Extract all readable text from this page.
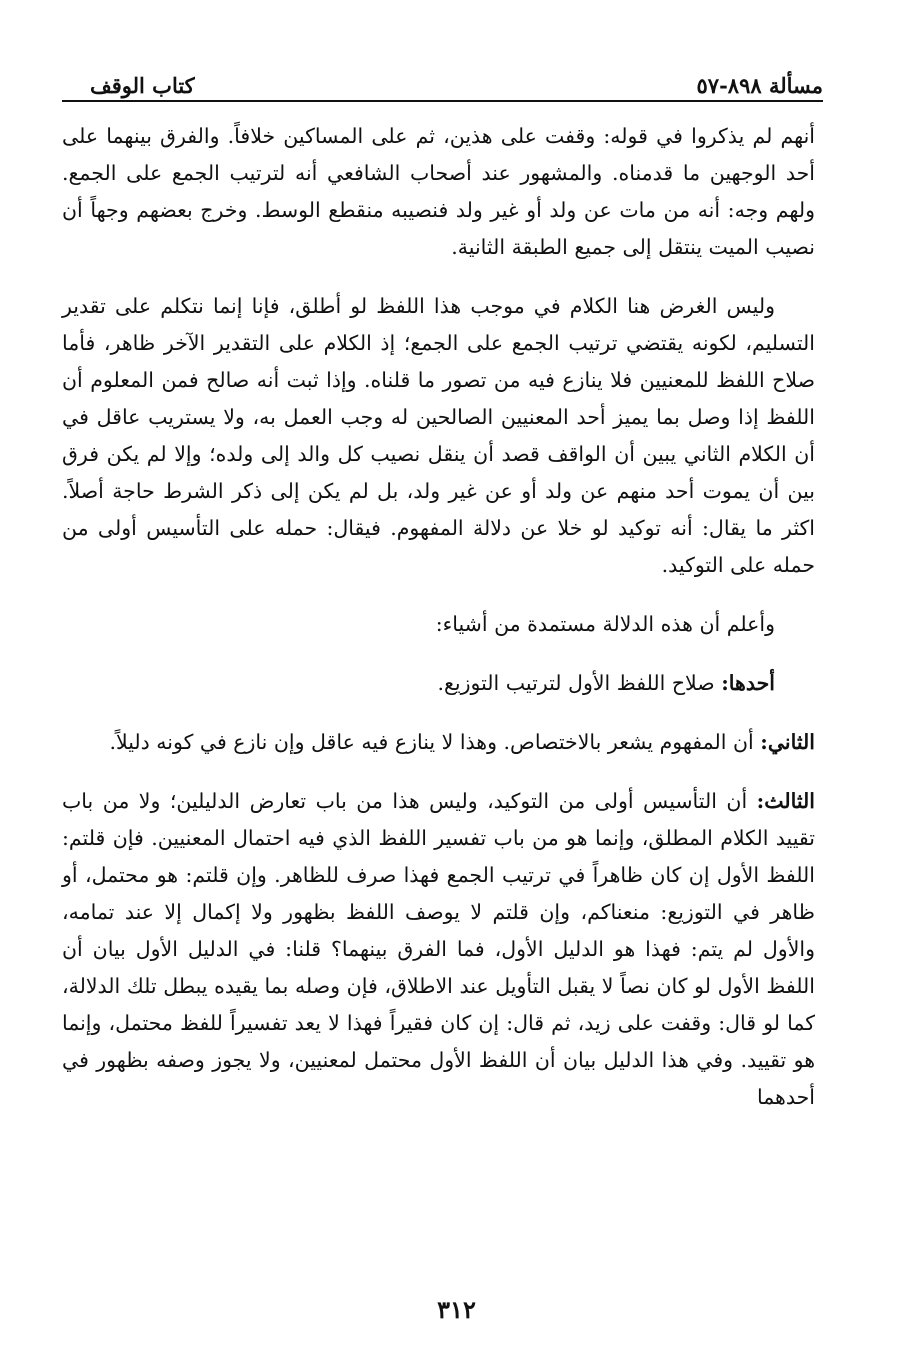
مسألة ٨٩٨-٥٧
كتاب الوقف

أنهم لم يذكروا في قوله: وقفت على هذين، ثم على المساكين خلافاً. والفرق بينهما على أحد الوجهين ما قدمناه. والمشهور عند أصحاب الشافعي أنه لترتيب الجمع على الجمع. ولهم وجه: أنه من مات عن ولد أو غير ولد فنصيبه منقطع الوسط. وخرج بعضهم وجهاً أن نصيب الميت ينتقل إلى جميع الطبقة الثانية.

وليس الغرض هنا الكلام في موجب هذا اللفظ لو أطلق، فإنا إنما نتكلم على تقدير التسليم، لكونه يقتضي ترتيب الجمع على الجمع؛ إذ الكلام على التقدير الآخر ظاهر، فأما صلاح اللفظ للمعنيين فلا ينازع فيه من تصور ما قلناه. وإذا ثبت أنه صالح فمن المعلوم أن اللفظ إذا وصل بما يميز أحد المعنيين الصالحين له وجب العمل به، ولا يستريب عاقل في أن الكلام الثاني يبين أن الواقف قصد أن ينقل نصيب كل والد إلى ولده؛ وإلا لم يكن فرق بين أن يموت أحد منهم عن ولد أو عن غير ولد، بل لم يكن إلى ذكر الشرط حاجة أصلاً. اكثر ما يقال: أنه توكيد لو خلا عن دلالة المفهوم. فيقال: حمله على التأسيس أولى من حمله على التوكيد.

وأعلم أن هذه الدلالة مستمدة من أشياء:

أحدها: صلاح اللفظ الأول لترتيب التوزيع.

الثاني: أن المفهوم يشعر بالاختصاص. وهذا لا ينازع فيه عاقل وإن نازع في كونه دليلاً.

الثالث: أن التأسيس أولى من التوكيد، وليس هذا من باب تعارض الدليلين؛ ولا من باب تقييد الكلام المطلق، وإنما هو من باب تفسير اللفظ الذي فيه احتمال المعنيين. فإن قلتم: اللفظ الأول إن كان ظاهراً في ترتيب الجمع فهذا صرف للظاهر. وإن قلتم: هو محتمل، أو ظاهر في التوزيع: منعناكم، وإن قلتم لا يوصف اللفظ بظهور ولا إكمال إلا عند تمامه، والأول لم يتم: فهذا هو الدليل الأول، فما الفرق بينهما؟ قلنا: في الدليل الأول بيان أن اللفظ الأول لو كان نصاً لا يقبل التأويل عند الاطلاق، فإن وصله بما يقيده يبطل تلك الدلالة، كما لو قال: وقفت على زيد، ثم قال: إن كان فقيراً فهذا لا يعد تفسيراً للفظ محتمل، وإنما هو تقييد. وفي هذا الدليل بيان أن اللفظ الأول محتمل لمعنيين، ولا يجوز وصفه بظهور في أحدهما

٣١٢
